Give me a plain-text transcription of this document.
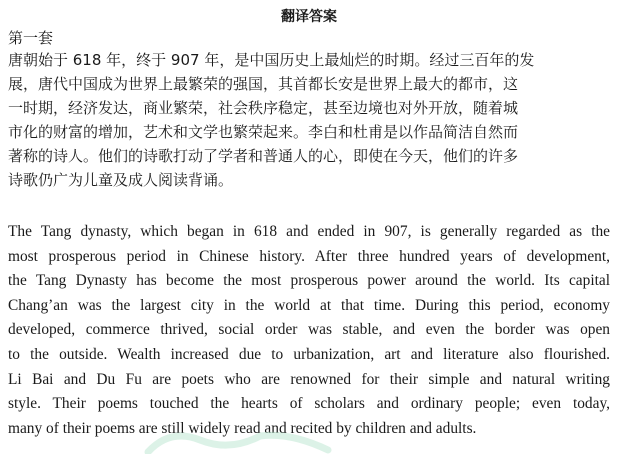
翻译答案

第一套

唐朝始于 618 年，终于 907 年，是中国历史上最灿烂的时期。经过三百年的发
展，唐代中国成为世界上最繁荣的强国，其首都长安是世界上最大的都市，这
一时期，经济发达，商业繁荣，社会秩序稳定，甚至边境也对外开放，随着城
市化的财富的增加，艺术和文学也繁荣起来。李白和杜甫是以作品简洁自然而
著称的诗人。他们的诗歌打动了学者和普通人的心，即使在今天，他们的许多
诗歌仍广为儿童及成人阅读背诵。
The Tang dynasty, which began in 618 and ended in 907, is generally regarded as the
most prosperous period in Chinese history. After three hundred years of development,
the Tang Dynasty has become the most prosperous power around the world. Its capital
Chang’an was the largest city in the world at that time. During this period, economy
developed, commerce thrived, social order was stable, and even the border was open
to the outside. Wealth increased due to urbanization, art and literature also flourished.
Li Bai and Du Fu are poets who are renowned for their simple and natural writing
style. Their poems touched the hearts of scholars and ordinary people; even today,
many of their poems are still widely read and recited by children and adults.
